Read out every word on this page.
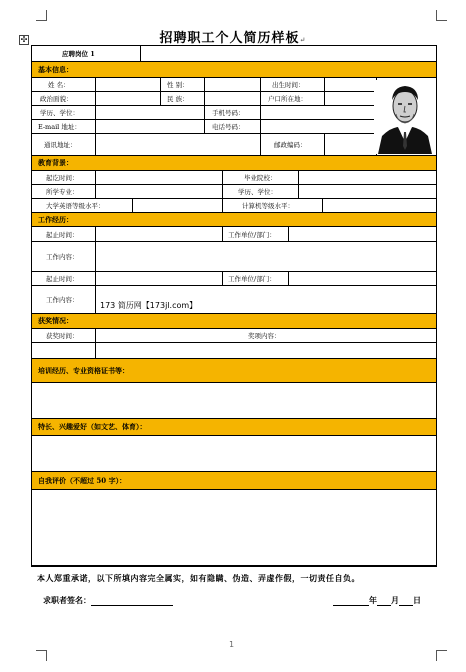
✣	招聘职工个人简历样板↵
应聘岗位 1
基本信息：
姓 名：	性 别：	出生时间：
政治面貌：	民 族：	户口所在地：
学历、学位：	手机号码：
E-mail 地址：	电话号码：
通讯地址：	邮政编码：
教育背景：
起讫时间：	毕业院校：
所学专业：	学历、学位：
大学英语等级水平：	计算机等级水平：
工作经历：
起止时间：	工作单位/部门：
工作内容：
起止时间：	工作单位/部门：
工作内容：
173 简历网【173jl.com】
获奖情况：
获奖时间：	奖项内容：
培训经历、专业资格证书等：
特长、兴趣爱好（如文艺、体育）：
自我评价（不超过 50 字）：
本人郑重承诺，以下所填内容完全属实，如有隐瞒、伪造、弄虚作假，一切责任自负。
求职者签名：	年 月 日
1
